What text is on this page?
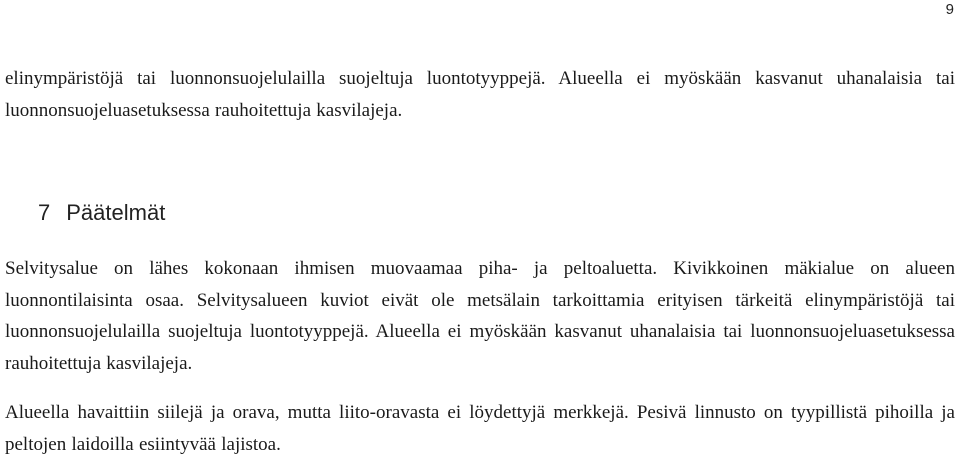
9

elinympäristöjä tai luonnonsuojelulailla suojeltuja luontotyyppejä. Alueella ei myöskään kasvanut uhanalaisia tai luonnonsuojeluasetuksessa rauhoitettuja kasvilajeja.

7 Päätelmät

Selvitysalue on lähes kokonaan ihmisen muovaamaa piha- ja peltoaluetta. Kivikkoinen mäkialue on alueen luonnontilaisinta osaa. Selvitysalueen kuviot eivät ole metsälain tarkoittamia erityisen tärkeitä elinympäristöjä tai luonnonsuojelulailla suojeltuja luontotyyppejä. Alueella ei myöskään kasvanut uhanalaisia tai luonnonsuojeluasetuksessa rauhoitettuja kasvilajeja.

Alueella havaittiin siilejä ja orava, mutta liito-oravasta ei löydettyjä merkkejä. Pesivä linnusto on tyypillistä pihoilla ja peltojen laidoilla esiintyvää lajistoa.
